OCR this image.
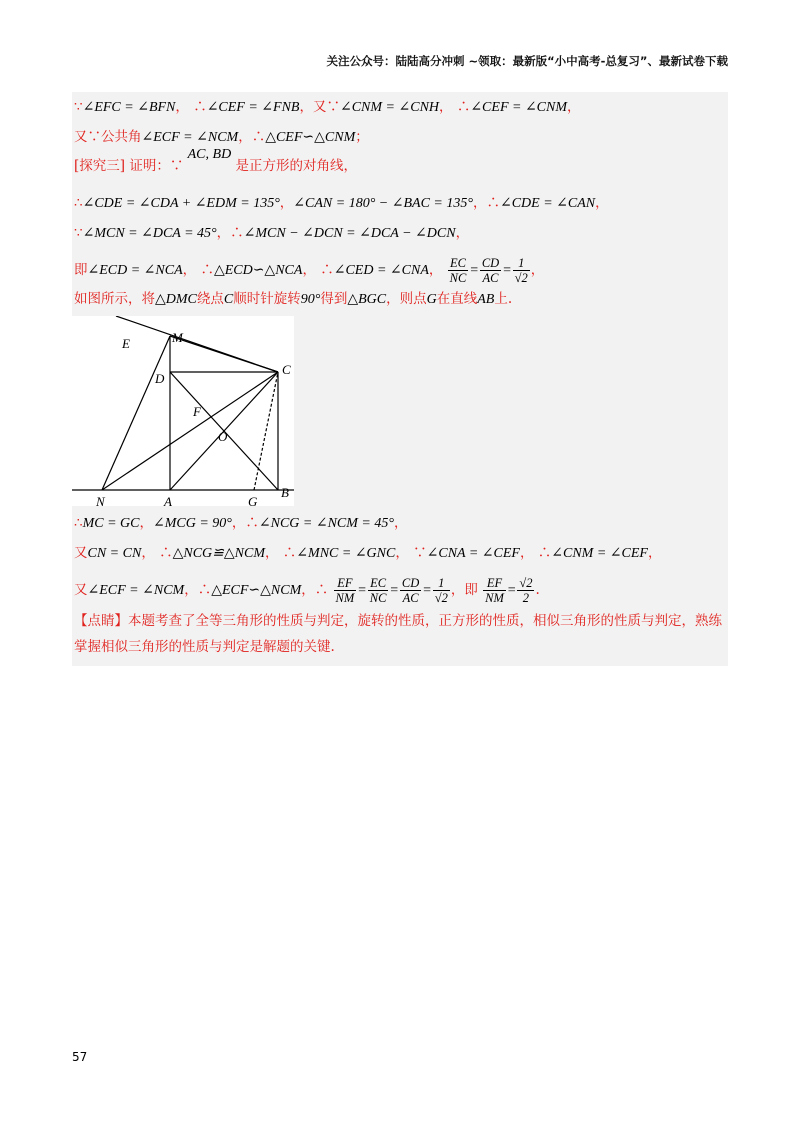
关注公众号：陆陆高分冲刺 ~领取：最新版“小中高考-总复习”、最新试卷下载
∵∠EFC = ∠BFN， ∴∠CEF = ∠FNB，又∵∠CNM = ∠CNH， ∴∠CEF = ∠CNM，
又∵公共角∠ECF = ∠NCM，∴△CEF∽△CNM；
[探究三] 证明：∵ AC, BD 是正方形的对角线，
∴∠CDE = ∠CDA + ∠EDM = 135°，∠CAN = 180° − ∠BAC = 135°，∴∠CDE = ∠CAN，
∵∠MCN = ∠DCA = 45°，∴∠MCN − ∠DCN = ∠DCA − ∠DCN，
即∠ECD = ∠NCA， ∴△ECD∽△NCA， ∴∠CED = ∠CNA， $\frac{EC}{NC} = \frac{CD}{AC} = \frac{1}{√2}$ ，
如图所示，将△DMC绕点C顺时针旋转90°得到△BGC，则点G在直线AB上.
E	M
C
D
F
O
N	A	G
B
∴MC = GC，∠MCG = 90°，∴∠NCG = ∠NCM = 45°，
又CN = CN， ∴△NCG≌△NCM， ∴∠MNC = ∠GNC， ∵∠CNA = ∠CEF， ∴∠CNM = ∠CEF，
又∠ECF = ∠NCM，∴△ECF∽△NCM，∴ $\frac{EF}{NM} = \frac{EC}{NC} = \frac{CD}{AC} = \frac{1}{√2}$ ，即 $\frac{EF}{NM} = \frac{√2}{2}$ .
【点睛】本题考查了全等三角形的性质与判定，旋转的性质，正方形的性质，相似三角形的性质与判定，熟练掌握相似三角形的性质与判定是解题的关键.
57
